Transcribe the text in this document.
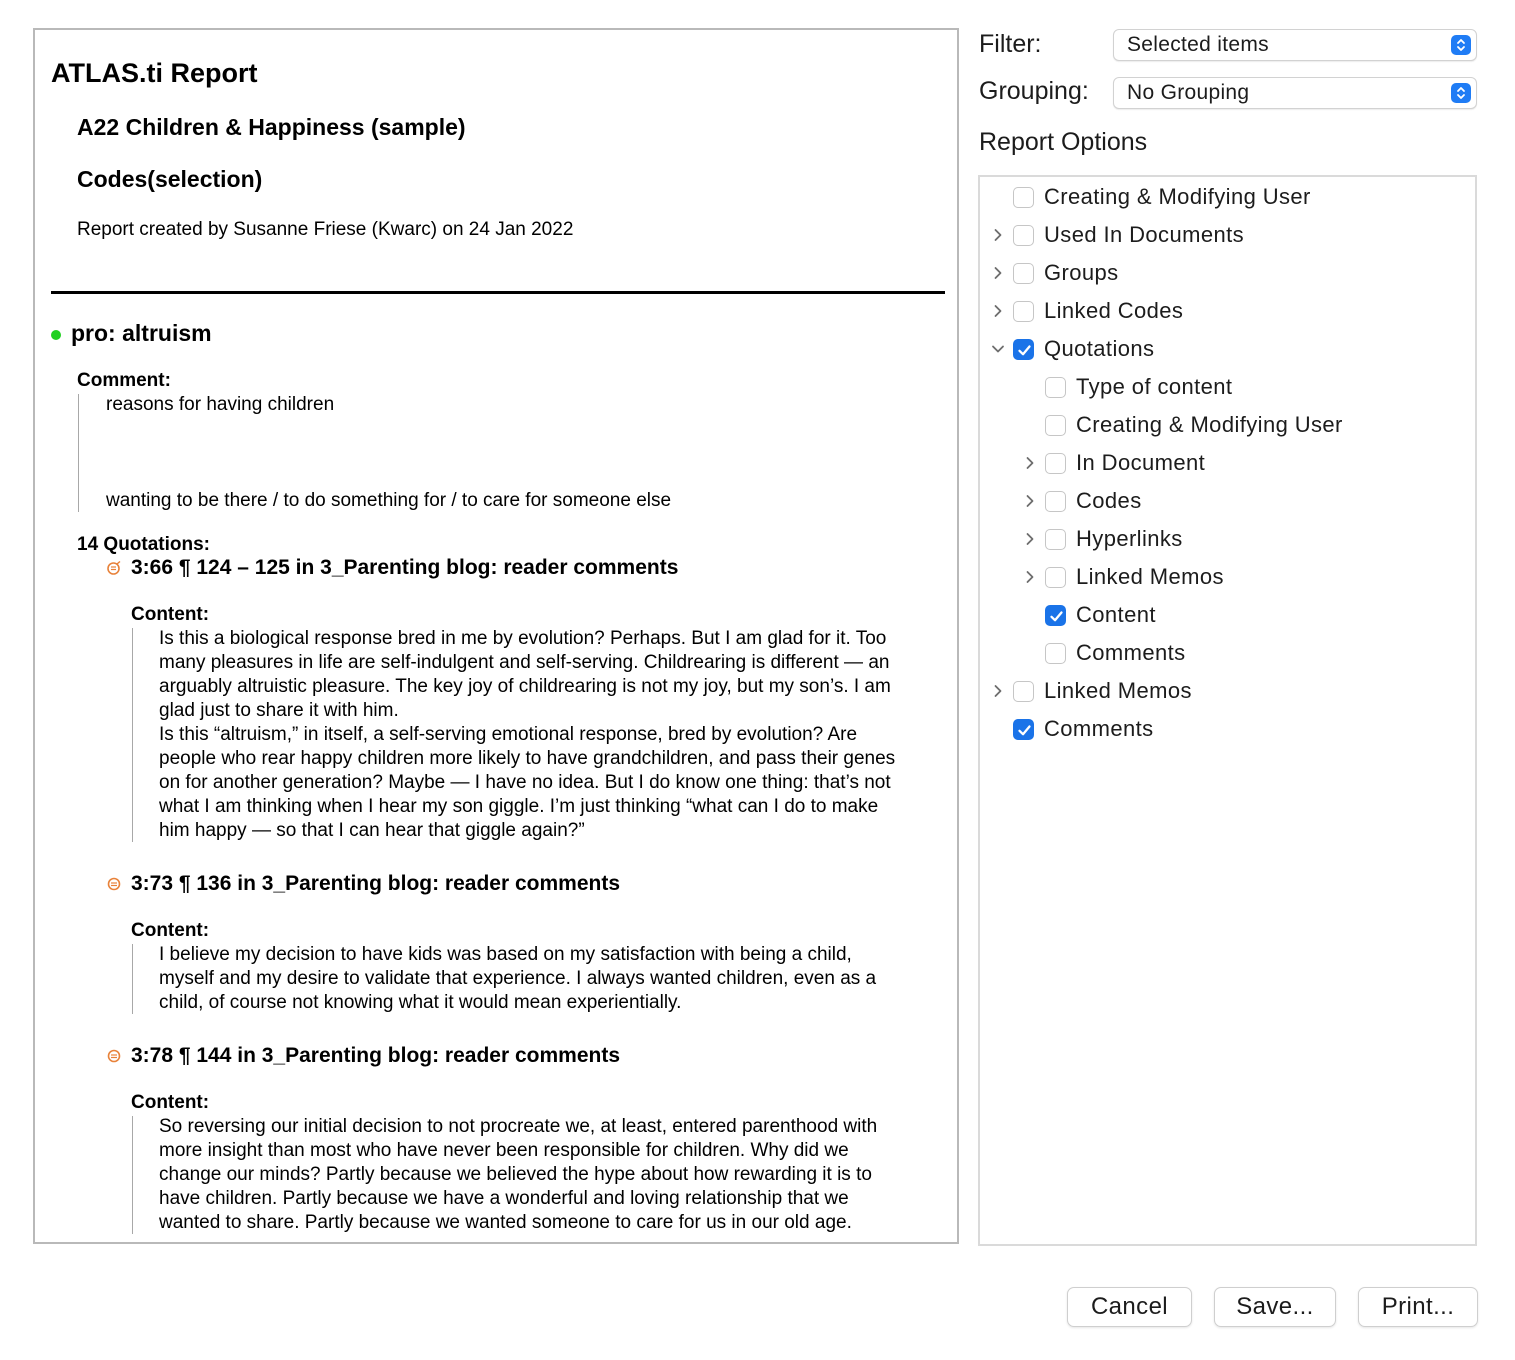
ATLAS.ti Report
A22 Children & Happiness (sample)
Codes(selection)
Report created by Susanne Friese (Kwarc) on 24 Jan 2022
pro: altruism
Comment:
reasons for having children
wanting to be there / to do something for / to care for someone else
14 Quotations:
3:66 ¶ 124 – 125 in 3_Parenting blog: reader comments
Content:
Is this a biological response bred in me by evolution? Perhaps. But I am glad for it. Too
many pleasures in life are self-indulgent and self-serving. Childrearing is different — an
arguably altruistic pleasure. The key joy of childrearing is not my joy, but my son’s. I am
glad just to share it with him.
Is this “altruism,” in itself, a self-serving emotional response, bred by evolution? Are
people who rear happy children more likely to have grandchildren, and pass their genes
on for another generation? Maybe — I have no idea. But I do know one thing: that’s not
what I am thinking when I hear my son giggle. I’m just thinking “what can I do to make
him happy — so that I can hear that giggle again?”
3:73 ¶ 136 in 3_Parenting blog: reader comments
Content:
I believe my decision to have kids was based on my satisfaction with being a child,
myself and my desire to validate that experience. I always wanted children, even as a
child, of course not knowing what it would mean experientially.
3:78 ¶ 144 in 3_Parenting blog: reader comments
Content:
So reversing our initial decision to not procreate we, at least, entered parenthood with
more insight than most who have never been responsible for children. Why did we
change our minds? Partly because we believed the hype about how rewarding it is to
have children. Partly because we have a wonderful and loving relationship that we
wanted to share. Partly because we wanted someone to care for us in our old age.
Filter:	Selected items
Grouping: No Grouping
Report Options
Creating & Modifying User
Used In Documents
Groups
Linked Codes
Quotations
Type of content
Creating & Modifying User
In Document
Codes
Hyperlinks
Linked Memos
Content
Comments
Linked Memos
Comments
Cancel	Save...	Print...
